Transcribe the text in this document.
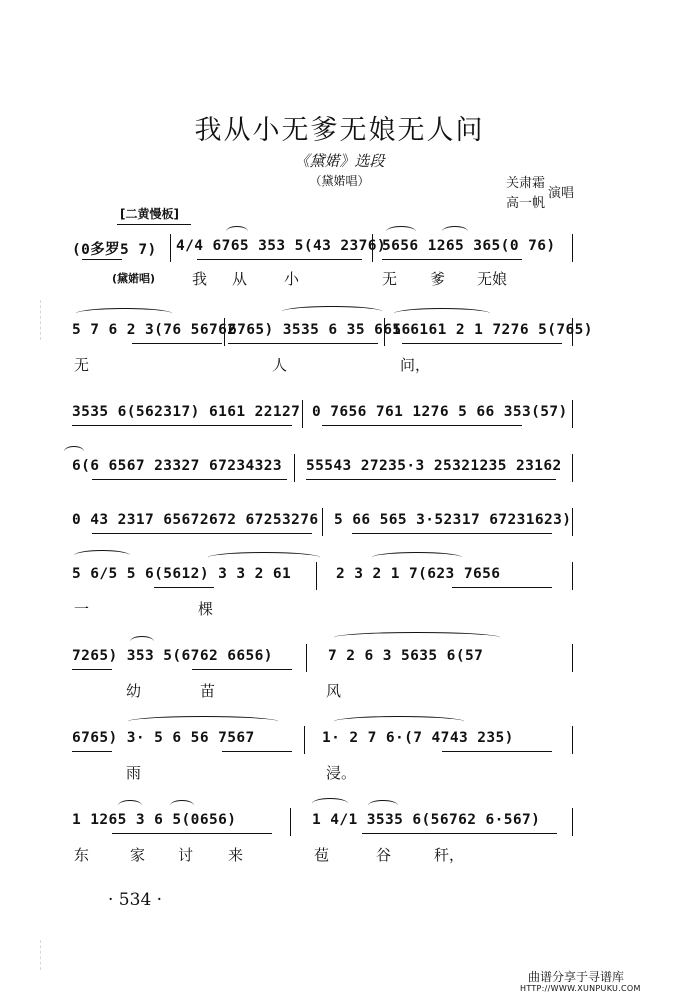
我从小无爹无娘无人问
《黛婼》选段
（黛婼唱）	关肃霜
高一帆
演唱
[二黄慢板]
(0多罗5 7) 4/4 6765 353 5(43 2376)
5656 1265 365(0 76)
(黛婼唱) 我 从 小	无 爹 无娘
5 7 6 2 3(76 56762
6765) 3535 6 35 6656
1 6161 2 1 7276 5(765)
无	人	问，
3535 6(562317) 6161 22127 0 7656 761 1276 5 66 353(57)
6(6 6567 23327 67234323 55543 27235·3 25321235 23162
0 43 2317 65672672 67253276 5 66 565 3·52317 67231623)
5 6/5 5 6(5612) 3 3 2 61	2 3 2 1 7(623 7656
一	棵
7265) 353 5(6762 6656)	7 2 6 3 5635 6(57
幼	苗	风
6765) 3· 5 6 56 7567	1· 2 7 6·(7 4743 235)
雨	浸。
1 1265 3 6 5(0656)	1 4/1 3535 6(56762 6·567)
东	家 讨 来	苞	谷	秆，
· 534 ·
曲谱分享于寻谱库
HTTP://WWW.XUNPUKU.COM
